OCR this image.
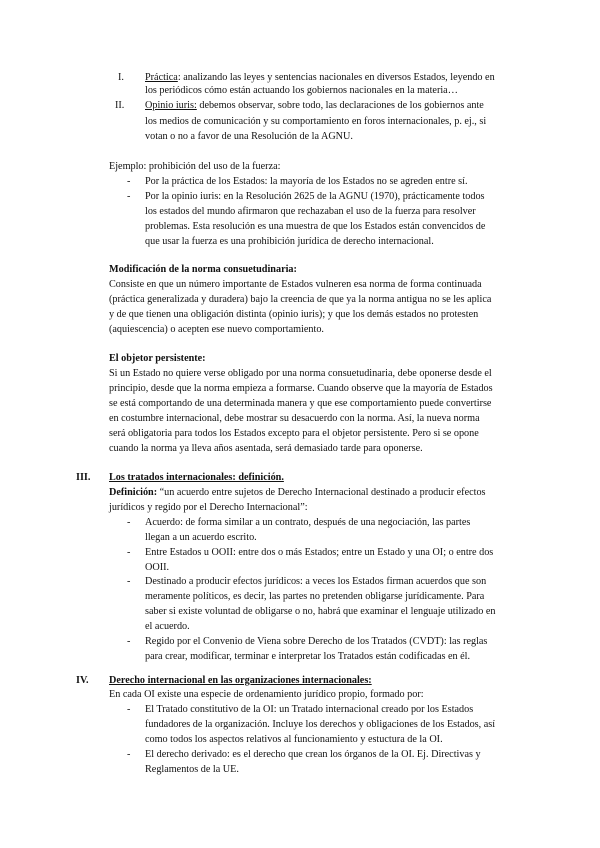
I. Práctica: analizando las leyes y sentencias nacionales en diversos Estados, leyendo en
los periódicos cómo están actuando los gobiernos nacionales en la materia…
II. Opinio iuris: debemos observar, sobre todo, las declaraciones de los gobiernos ante
los medios de comunicación y su comportamiento en foros internacionales, p. ej., si
votan o no a favor de una Resolución de la AGNU.
Ejemplo: prohibición del uso de la fuerza:
- Por la práctica de los Estados: la mayoría de los Estados no se agreden entre sí.
- Por la opinio iuris: en la Resolución 2625 de la AGNU (1970), prácticamente todos
los estados del mundo afirmaron que rechazaban el uso de la fuerza para resolver
problemas. Esta resolución es una muestra de que los Estados están convencidos de
que usar la fuerza es una prohibición jurídica de derecho internacional.
Modificación de la norma consuetudinaria:
Consiste en que un número importante de Estados vulneren esa norma de forma continuada
(práctica generalizada y duradera) bajo la creencia de que ya la norma antigua no se les aplica
y de que tienen una obligación distinta (opinio iuris); y que los demás estados no protesten
(aquiescencia) o acepten ese nuevo comportamiento.
El objetor persistente:
Si un Estado no quiere verse obligado por una norma consuetudinaria, debe oponerse desde el
principio, desde que la norma empieza a formarse. Cuando observe que la mayoría de Estados
se está comportando de una determinada manera y que ese comportamiento puede convertirse
en costumbre internacional, debe mostrar su desacuerdo con la norma. Así, la nueva norma
será obligatoria para todos los Estados excepto para el objetor persistente. Pero si se opone
cuando la norma ya lleva años asentada, será demasiado tarde para oponerse.
III. Los tratados internacionales: definición.
Definición: “un acuerdo entre sujetos de Derecho Internacional destinado a producir efectos
jurídicos y regido por el Derecho Internacional”:
- Acuerdo: de forma similar a un contrato, después de una negociación, las partes
llegan a un acuerdo escrito.
- Entre Estados u OOII: entre dos o más Estados; entre un Estado y una OI; o entre dos
OOII.
- Destinado a producir efectos jurídicos: a veces los Estados firman acuerdos que son
meramente políticos, es decir, las partes no pretenden obligarse jurídicamente. Para
saber si existe voluntad de obligarse o no, habrá que examinar el lenguaje utilizado en
el acuerdo.
- Regido por el Convenio de Viena sobre Derecho de los Tratados (CVDT): las reglas
para crear, modificar, terminar e interpretar los Tratados están codificadas en él.
IV. Derecho internacional en las organizaciones internacionales:
En cada OI existe una especie de ordenamiento jurídico propio, formado por:
- El Tratado constitutivo de la OI: un Tratado internacional creado por los Estados
fundadores de la organización. Incluye los derechos y obligaciones de los Estados, así
como todos los aspectos relativos al funcionamiento y estuctura de la OI.
- El derecho derivado: es el derecho que crean los órganos de la OI. Ej. Directivas y
Reglamentos de la UE.
